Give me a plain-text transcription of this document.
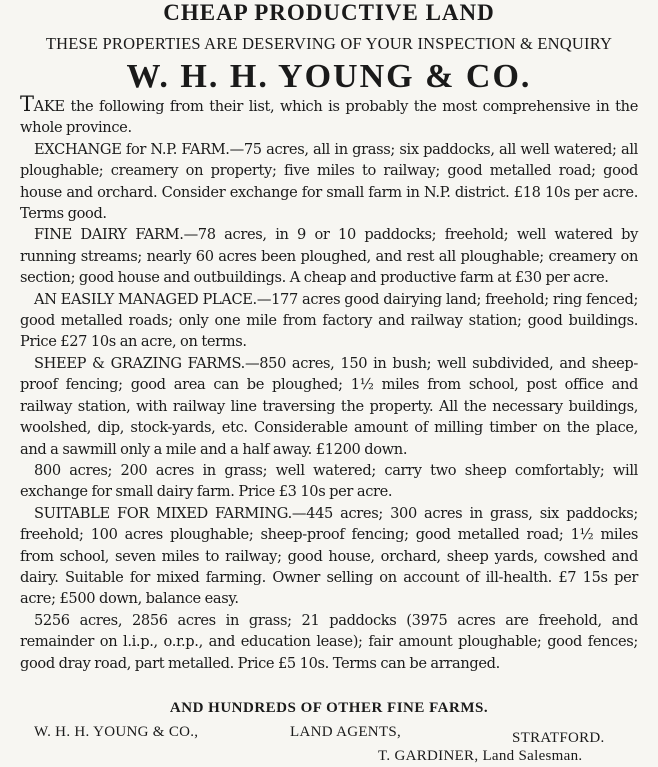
CHEAP PRODUCTIVE LAND
THESE PROPERTIES ARE DESERVING OF YOUR INSPECTION & ENQUIRY
W. H. H. YOUNG & CO.

TAKE the following from their list, which is probably the most comprehensive in the whole province.

EXCHANGE for N.P. FARM.—75 acres, all in grass; six paddocks, all well watered; all ploughable; creamery on property; five miles to railway; good metalled road; good house and orchard. Consider exchange for small farm in N.P. district. £18 10s per acre. Terms good.

FINE DAIRY FARM.—78 acres, in 9 or 10 paddocks; freehold; well watered by running streams; nearly 60 acres been ploughed, and rest all ploughable; creamery on section; good house and outbuildings. A cheap and productive farm at £30 per acre.

AN EASILY MANAGED PLACE.—177 acres good dairying land; freehold; ring fenced; good metalled roads; only one mile from factory and railway station; good buildings. Price £27 10s an acre, on terms.

SHEEP & GRAZING FARMS.—850 acres, 150 in bush; well subdivided, and sheep-proof fencing; good area can be ploughed; 1½ miles from school, post office and railway station, with railway line traversing the property. All the necessary buildings, woolshed, dip, stock-yards, etc. Considerable amount of milling timber on the place, and a sawmill only a mile and a half away. £1200 down.

800 acres; 200 acres in grass; well watered; carry two sheep comfortably; will exchange for small dairy farm. Price £3 10s per acre.

SUITABLE FOR MIXED FARMING.—445 acres; 300 acres in grass, six paddocks; freehold; 100 acres ploughable; sheep-proof fencing; good metalled road; 1½ miles from school, seven miles to railway; good house, orchard, sheep yards, cowshed and dairy. Suitable for mixed farming. Owner selling on account of ill-health. £7 15s per acre; £500 down, balance easy.

5256 acres, 2856 acres in grass; 21 paddocks (3975 acres are freehold, and remainder on l.i.p., o.r.p., and education lease); fair amount ploughable; good fences; good dray road, part metalled. Price £5 10s. Terms can be arranged.

AND HUNDREDS OF OTHER FINE FARMS.
W. H. H. YOUNG & CO.,	LAND AGENTS,	STRATFORD.
T. GARDINER, Land Salesman.
